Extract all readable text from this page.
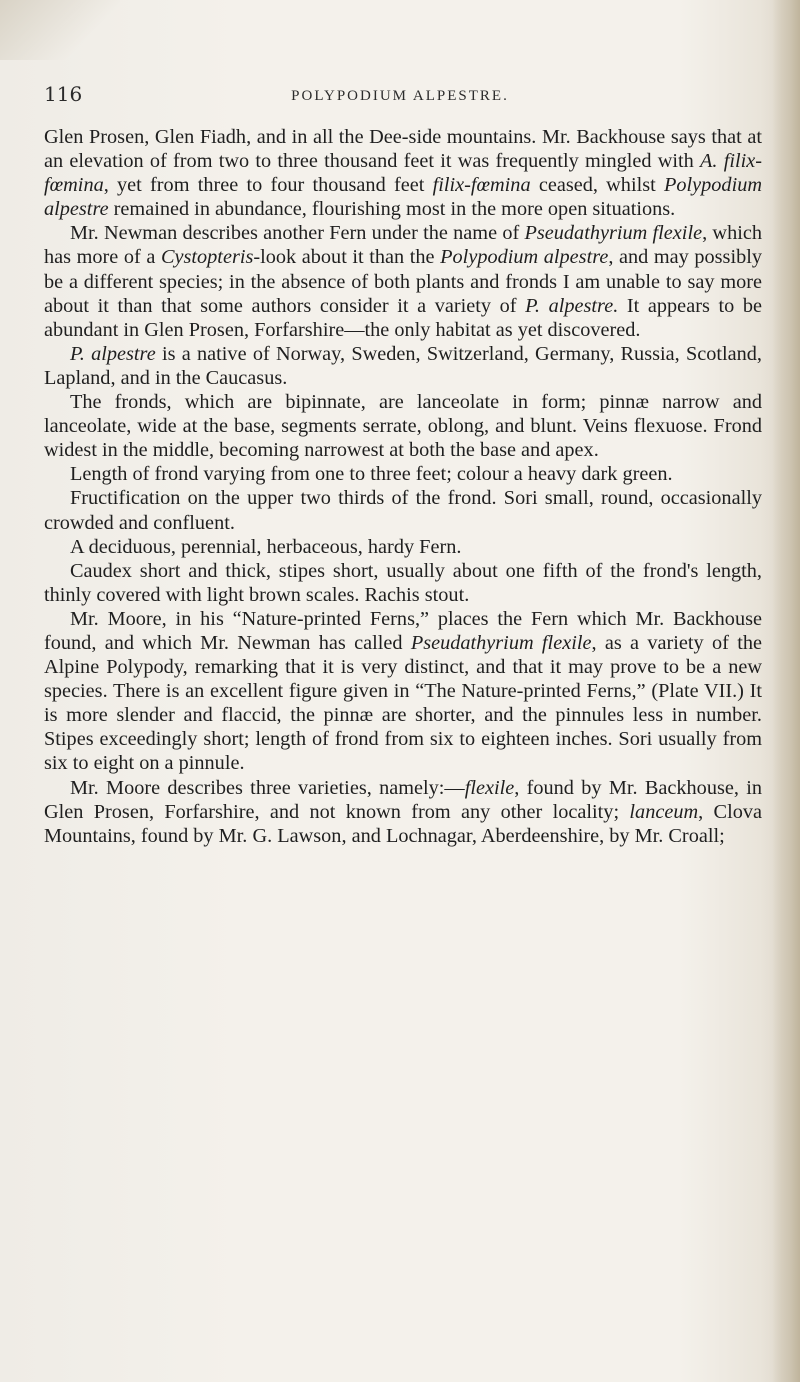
116	POLYPODIUM ALPESTRE.

Glen Prosen, Glen Fiadh, and in all the Dee-side mountains. Mr. Backhouse says that at an elevation of from two to three thousand feet it was frequently mingled with A. filix-fœmina, yet from three to four thousand feet filix-fœmina ceased, whilst Polypodium alpestre remained in abundance, flourishing most in the more open situations.

Mr. Newman describes another Fern under the name of Pseudathyrium flexile, which has more of a Cystopteris-look about it than the Polypodium alpestre, and may possibly be a different species; in the absence of both plants and fronds I am unable to say more about it than that some authors consider it a variety of P. alpestre. It appears to be abundant in Glen Prosen, Forfarshire—the only habitat as yet discovered.

P. alpestre is a native of Norway, Sweden, Switzerland, Germany, Russia, Scotland, Lapland, and in the Caucasus.

The fronds, which are bipinnate, are lanceolate in form; pinnæ narrow and lanceolate, wide at the base, segments serrate, oblong, and blunt. Veins flexuose. Frond widest in the middle, becoming narrowest at both the base and apex.

Length of frond varying from one to three feet; colour a heavy dark green.

Fructification on the upper two thirds of the frond. Sori small, round, occasionally crowded and confluent.

A deciduous, perennial, herbaceous, hardy Fern.

Caudex short and thick, stipes short, usually about one fifth of the frond's length, thinly covered with light brown scales. Rachis stout.

Mr. Moore, in his “Nature-printed Ferns,” places the Fern which Mr. Backhouse found, and which Mr. Newman has called Pseudathyrium flexile, as a variety of the Alpine Polypody, remarking that it is very distinct, and that it may prove to be a new species. There is an excellent figure given in “The Nature-printed Ferns,” (Plate VII.) It is more slender and flaccid, the pinnæ are shorter, and the pinnules less in number. Stipes exceedingly short; length of frond from six to eighteen inches. Sori usually from six to eight on a pinnule.

Mr. Moore describes three varieties, namely:—flexile, found by Mr. Backhouse, in Glen Prosen, Forfarshire, and not known from any other locality; lanceum, Clova Mountains, found by Mr. G. Lawson, and Lochnagar, Aberdeenshire, by Mr. Croall;
